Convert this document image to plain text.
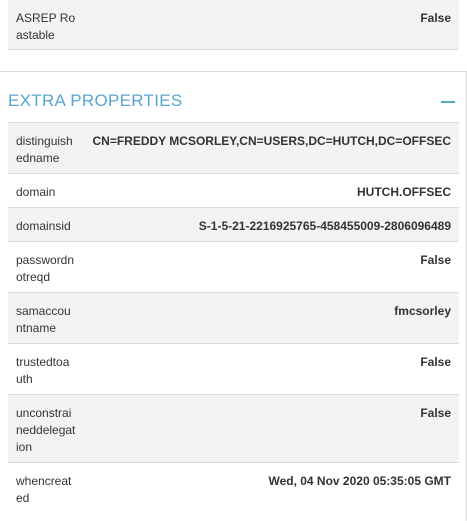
ASREP Roastable
False
EXTRA PROPERTIES
distinguishedname
CN=FREDDY MCSORLEY,CN=USERS,DC=HUTCH,DC=OFFSEC
domain	HUTCH.OFFSEC
domainsid	S-1-5-21-2216925765-458455009-2806096489
passwordnotreqd
False
samaccountname
fmcsorley
trustedtoauth
False
unconstraineddelegation
False
whencreated
Wed, 04 Nov 2020 05:35:05 GMT
